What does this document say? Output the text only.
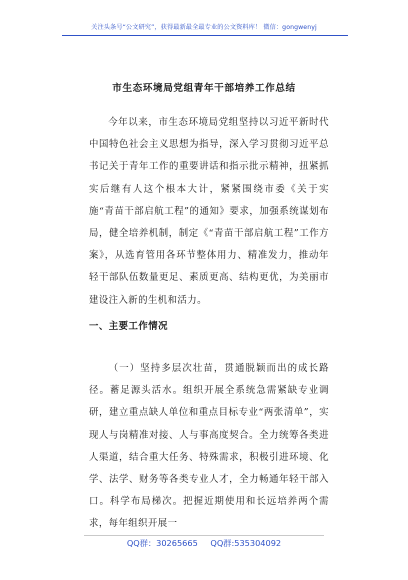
关注头条号“公文研究”，获得最新最全最专业的公文资料库！ 微信：gongwenyj
市生态环境局党组青年干部培养工作总结
今年以来，市生态环境局党组坚持以习近平新时代中国特色社会主义思想为指导，深入学习贯彻习近平总书记关于青年工作的重要讲话和指示批示精神，扭紧抓实后继有人这个根本大计，紧紧围绕市委《关于实施“青苗干部启航工程”的通知》要求，加强系统谋划布局，健全培养机制，制定《“青苗干部启航工程”工作方案》，从选育管用各环节整体用力、精准发力，推动年轻干部队伍数量更足、素质更高、结构更优，为美丽市建设注入新的生机和活力。
一、主要工作情况
（一）坚持多层次壮苗，贯通脱颖而出的成长路径。蓄足源头活水。组织开展全系统急需紧缺专业调研，建立重点缺人单位和重点目标专业“两张清单”，实现人与岗精准对接、人与事高度契合。全力统筹各类进人渠道，结合重大任务、特殊需求，积极引进环境、化学、法学、财务等各类专业人才，全力畅通年轻干部入口。科学布局梯次。把握近期使用和长远培养两个需求，每年组织开展一
QQ群：30265665 QQ群:535304092
